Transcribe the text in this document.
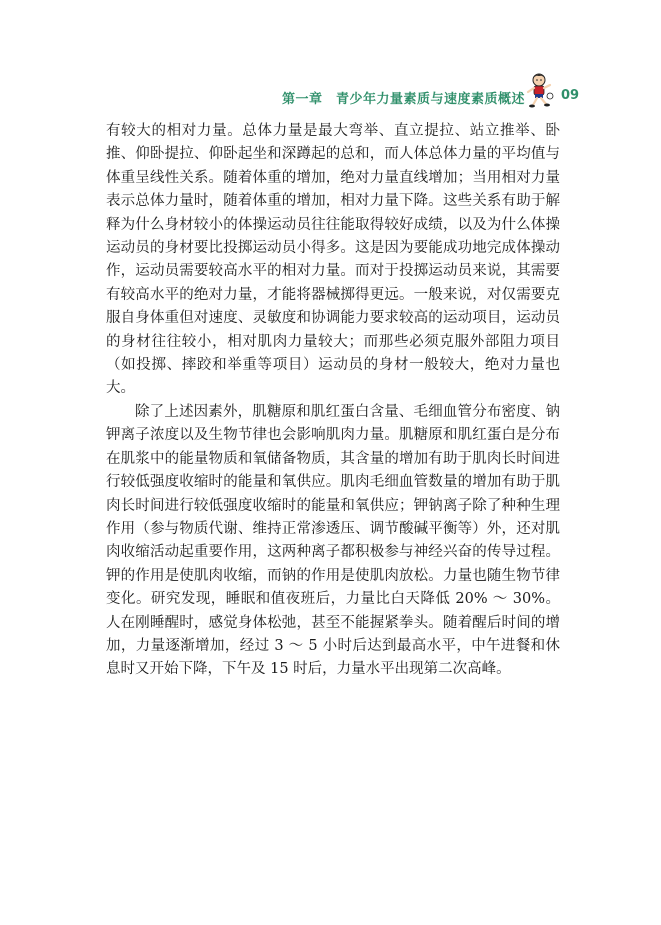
第一章　青少年力量素质与速度素质概述	09

有较大的相对力量。总体力量是最大弯举、直立提拉、站立推举、卧推、仰卧提拉、仰卧起坐和深蹲起的总和，而人体总体力量的平均值与体重呈线性关系。随着体重的增加，绝对力量直线增加；当用相对力量表示总体力量时，随着体重的增加，相对力量下降。这些关系有助于解释为什么身材较小的体操运动员往往能取得较好成绩，以及为什么体操运动员的身材要比投掷运动员小得多。这是因为要能成功地完成体操动作，运动员需要较高水平的相对力量。而对于投掷运动员来说，其需要有较高水平的绝对力量，才能将器械掷得更远。一般来说，对仅需要克服自身体重但对速度、灵敏度和协调能力要求较高的运动项目，运动员的身材往往较小，相对肌肉力量较大；而那些必须克服外部阻力项目（如投掷、摔跤和举重等项目）运动员的身材一般较大，绝对力量也大。

除了上述因素外，肌糖原和肌红蛋白含量、毛细血管分布密度、钠钾离子浓度以及生物节律也会影响肌肉力量。肌糖原和肌红蛋白是分布在肌浆中的能量物质和氧储备物质，其含量的增加有助于肌肉长时间进行较低强度收缩时的能量和氧供应。肌肉毛细血管数量的增加有助于肌肉长时间进行较低强度收缩时的能量和氧供应；钾钠离子除了种种生理作用（参与物质代谢、维持正常渗透压、调节酸碱平衡等）外，还对肌肉收缩活动起重要作用，这两种离子都积极参与神经兴奋的传导过程。钾的作用是使肌肉收缩，而钠的作用是使肌肉放松。力量也随生物节律变化。研究发现，睡眠和值夜班后，力量比白天降低 20% ～ 30%。人在刚睡醒时，感觉身体松弛，甚至不能握紧拳头。随着醒后时间的增加，力量逐渐增加，经过 3 ～ 5 小时后达到最高水平，中午进餐和休息时又开始下降，下午及 15 时后，力量水平出现第二次高峰。
